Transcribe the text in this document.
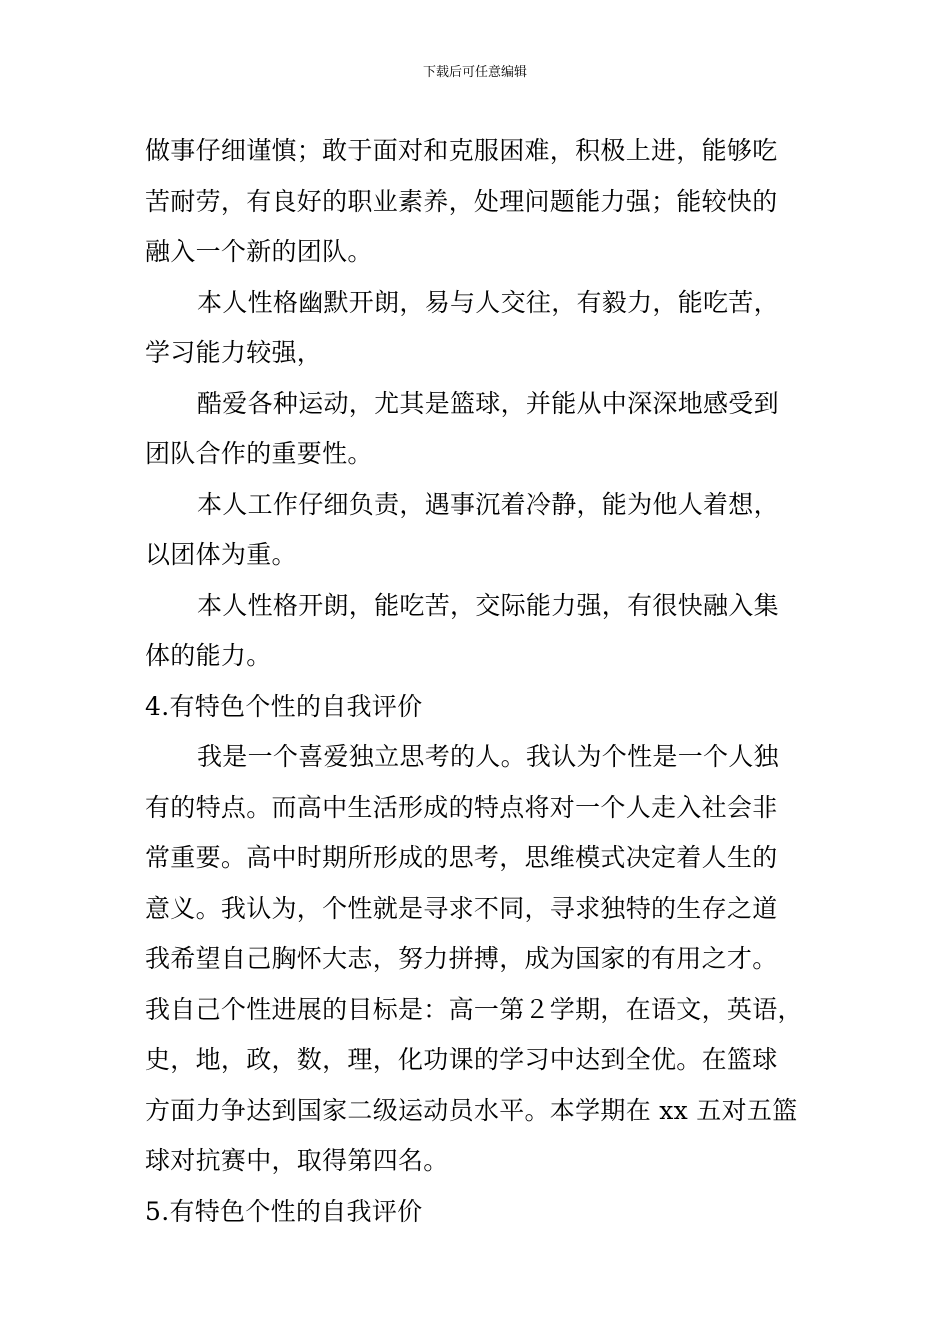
下载后可任意编辑
做事仔细谨慎；敢于面对和克服困难，积极上进，能够吃
苦耐劳，有良好的职业素养，处理问题能力强；能较快的
融入一个新的团队。
本人性格幽默开朗，易与人交往，有毅力，能吃苦，
学习能力较强，
酷爱各种运动，尤其是篮球，并能从中深深地感受到
团队合作的重要性。
本人工作仔细负责，遇事沉着冷静，能为他人着想，
以团体为重。
本人性格开朗，能吃苦，交际能力强，有很快融入集
体的能力。
4.有特色个性的自我评价
我是一个喜爱独立思考的人。我认为个性是一个人独
有的特点。而高中生活形成的特点将对一个人走入社会非
常重要。高中时期所形成的思考，思维模式决定着人生的
意义。我认为，个性就是寻求不同，寻求独特的生存之道
我希望自己胸怀大志，努力拼搏，成为国家的有用之才。
我自己个性进展的目标是：高一第２学期，在语文，英语，
史，地，政，数，理，化功课的学习中达到全优。在篮球
方面力争达到国家二级运动员水平。本学期在 xx 五对五篮
球对抗赛中，取得第四名。
5.有特色个性的自我评价
